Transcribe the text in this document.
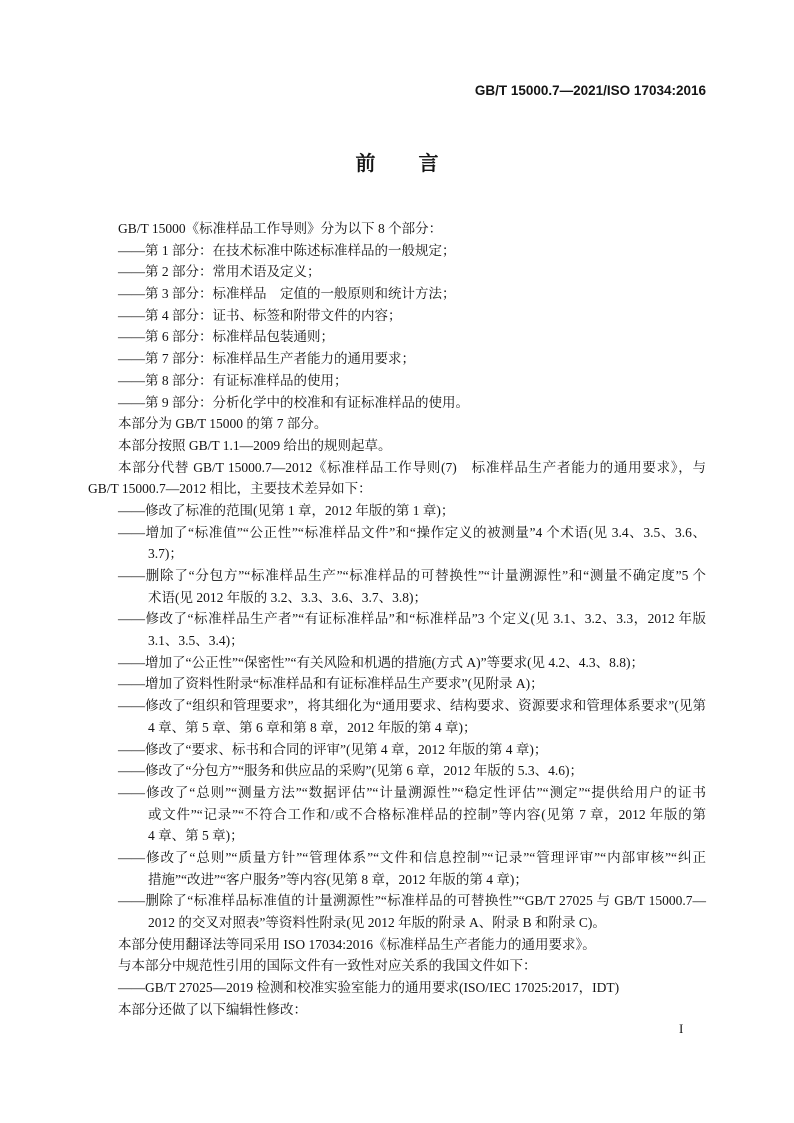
GB/T 15000.7—2021/ISO 17034:2016
前言
GB/T 15000《标准样品工作导则》分为以下 8 个部分：
——第 1 部分：在技术标准中陈述标准样品的一般规定；
——第 2 部分：常用术语及定义；
——第 3 部分：标准样品　定值的一般原则和统计方法；
——第 4 部分：证书、标签和附带文件的内容；
——第 6 部分：标准样品包装通则；
——第 7 部分：标准样品生产者能力的通用要求；
——第 8 部分：有证标准样品的使用；
——第 9 部分：分析化学中的校准和有证标准样品的使用。
本部分为 GB/T 15000 的第 7 部分。
本部分按照 GB/T 1.1—2009 给出的规则起草。
本部分代替 GB/T 15000.7—2012《标准样品工作导则(7)　标准样品生产者能力的通用要求》，与
GB/T 15000.7—2012 相比，主要技术差异如下：
——修改了标准的范围(见第 1 章，2012 年版的第 1 章)；
——增加了“标准值”“公正性”“标准样品文件”和“操作定义的被测量”4 个术语(见 3.4、3.5、3.6、
3.7)；
——删除了“分包方”“标准样品生产”“标准样品的可替换性”“计量溯源性”和“测量不确定度”5 个
术语(见 2012 年版的 3.2、3.3、3.6、3.7、3.8)；
——修改了“标准样品生产者”“有证标准样品”和“标准样品”3 个定义(见 3.1、3.2、3.3，2012 年版
3.1、3.5、3.4)；
——增加了“公正性”“保密性”“有关风险和机遇的措施(方式 A)”等要求(见 4.2、4.3、8.8)；
——增加了资料性附录“标准样品和有证标准样品生产要求”(见附录 A)；
——修改了“组织和管理要求”，将其细化为“通用要求、结构要求、资源要求和管理体系要求”(见第
4 章、第 5 章、第 6 章和第 8 章，2012 年版的第 4 章)；
——修改了“要求、标书和合同的评审”(见第 4 章，2012 年版的第 4 章)；
——修改了“分包方”“服务和供应品的采购”(见第 6 章，2012 年版的 5.3、4.6)；
——修改了“总则”“测量方法”“数据评估”“计量溯源性”“稳定性评估”“测定”“提供给用户的证书
或文件”“记录”“不符合工作和/或不合格标准样品的控制”等内容(见第 7 章，2012 年版的第
4 章、第 5 章)；
——修改了“总则”“质量方针”“管理体系”“文件和信息控制”“记录”“管理评审”“内部审核”“纠正
措施”“改进”“客户服务”等内容(见第 8 章，2012 年版的第 4 章)；
——删除了“标准样品标准值的计量溯源性”“标准样品的可替换性”“GB/T 27025 与 GB/T 15000.7—
2012 的交叉对照表”等资料性附录(见 2012 年版的附录 A、附录 B 和附录 C)。
本部分使用翻译法等同采用 ISO 17034:2016《标准样品生产者能力的通用要求》。
与本部分中规范性引用的国际文件有一致性对应关系的我国文件如下：
——GB/T 27025—2019 检测和校准实验室能力的通用要求(ISO/IEC 17025:2017，IDT)
本部分还做了以下编辑性修改：
I
